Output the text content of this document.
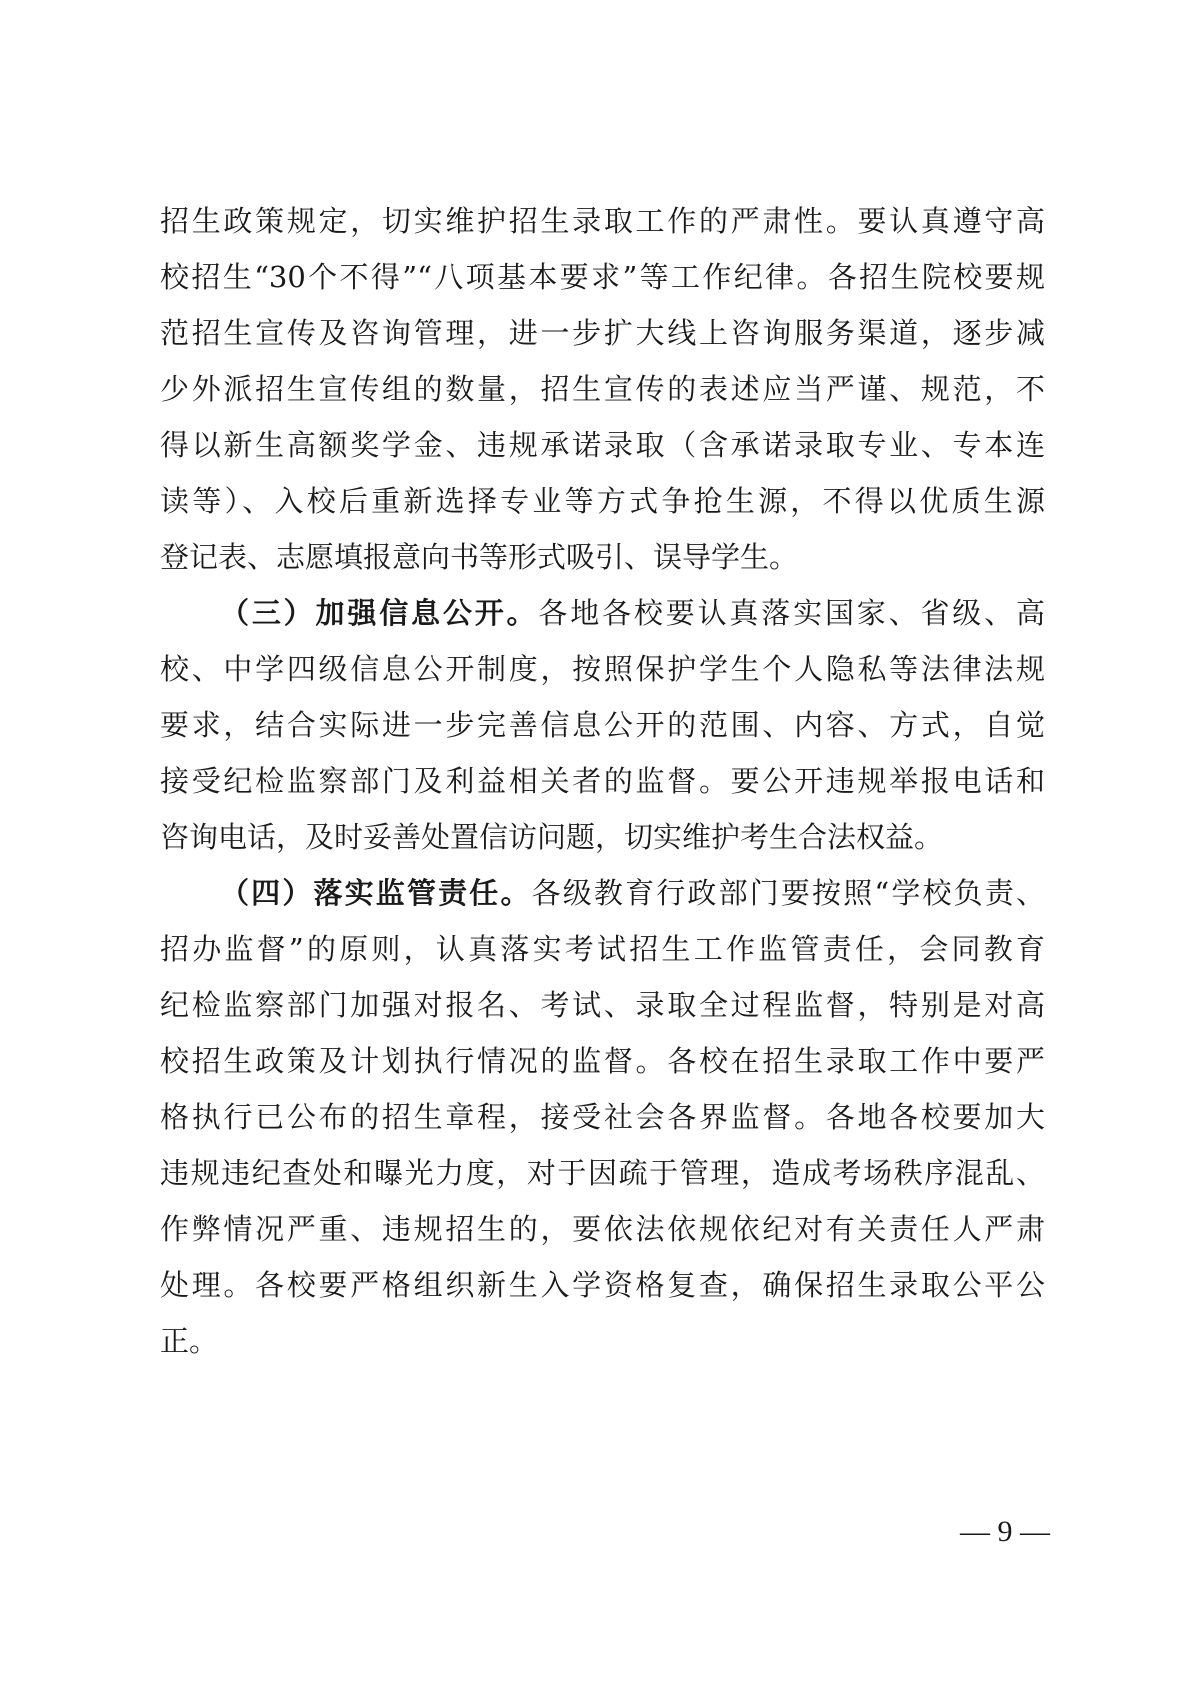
招生政策规定，切实维护招生录取工作的严肃性。要认真遵守高
校招生“30个不得”“八项基本要求”等工作纪律。各招生院校要规
范招生宣传及咨询管理，进一步扩大线上咨询服务渠道，逐步减
少外派招生宣传组的数量，招生宣传的表述应当严谨、规范，不
得以新生高额奖学金、违规承诺录取（含承诺录取专业、专本连
读等）、入校后重新选择专业等方式争抢生源，不得以优质生源
登记表、志愿填报意向书等形式吸引、误导学生。
（三）加强信息公开。各地各校要认真落实国家、省级、高
校、中学四级信息公开制度，按照保护学生个人隐私等法律法规
要求，结合实际进一步完善信息公开的范围、内容、方式，自觉
接受纪检监察部门及利益相关者的监督。要公开违规举报电话和
咨询电话，及时妥善处置信访问题，切实维护考生合法权益。
（四）落实监管责任。各级教育行政部门要按照“学校负责、
招办监督”的原则，认真落实考试招生工作监管责任，会同教育
纪检监察部门加强对报名、考试、录取全过程监督，特别是对高
校招生政策及计划执行情况的监督。各校在招生录取工作中要严
格执行已公布的招生章程，接受社会各界监督。各地各校要加大
违规违纪查处和曝光力度，对于因疏于管理，造成考场秩序混乱、
作弊情况严重、违规招生的，要依法依规依纪对有关责任人严肃
处理。各校要严格组织新生入学资格复查，确保招生录取公平公
正。
— 9 —
